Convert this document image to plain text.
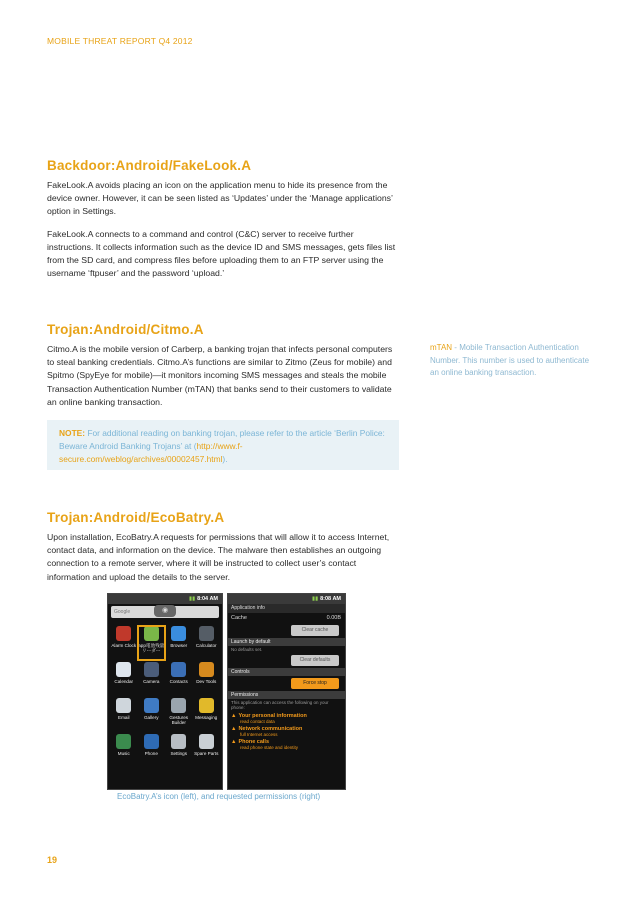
MOBILE THREAT REPORT Q4 2012
Backdoor:Android/FakeLook.A

FakeLook.A avoids placing an icon on the application menu to hide its presence from the device owner. However, it can be seen listed as ‘Updates’ under the ‘Manage applications’ option in Settings.

FakeLook.A connects to a command and control (C&C) server to receive further instructions. It collects information such as the device ID and SMS messages, gets files list from the SD card, and compress files before uploading them to an FTP server using the username ‘ftpuser’ and the password ‘upload.’

Trojan:Android/Citmo.A

Citmo.A is the mobile version of Carberp, a banking trojan that infects personal computers to steal banking credentials. Citmo.A’s functions are similar to Zitmo (Zeus for mobile) and Spitmo (SpyEye for mobile)—it monitors incoming SMS messages and steals the mobile Transaction Authentication Number (mTAN) that banks send to their customers to validate an online banking transaction.

NOTE: For additional reading on banking trojan, please refer to the article ‘Berlin Police: Beware Android Banking Trojans’ at (http://www.f-secure.com/weblog/archives/00002457.html).
mTAN - Mobile Transaction Authentication Number. This number is used to authenticate an online banking transaction.
Trojan:Android/EcoBatry.A

Upon installation, EcoBatry.A requests for permissions that will allow it to access Internet, contact data, and information on the device. The malware then establishes an outgoing connection to a remote server, where it will be instructed to collect user’s contact information and upload the details to the server.

▮▮ 8:04 AM
Google	◉
Alarm Clock app電池残量 リーダー
Browser	Calculator
Calendar	Camera	Contacts	Dev Tools
Email	Gallery	Gestures Builder
Messaging
Music	Phone	Settings	Spare Parts
▮▮ 8:08 AM
Application info
Cache	0.00B
Clear cache
Launch by default
No defaults set.
Clear defaults
Controls
Force stop
Permissions
This application can access the following on your phone:
▲ Your personal information
read contact data
▲ Network communication
full Internet access
▲ Phone calls
read phone state and identity
EcoBatry.A’s icon (left), and requested permissions (right)
19
